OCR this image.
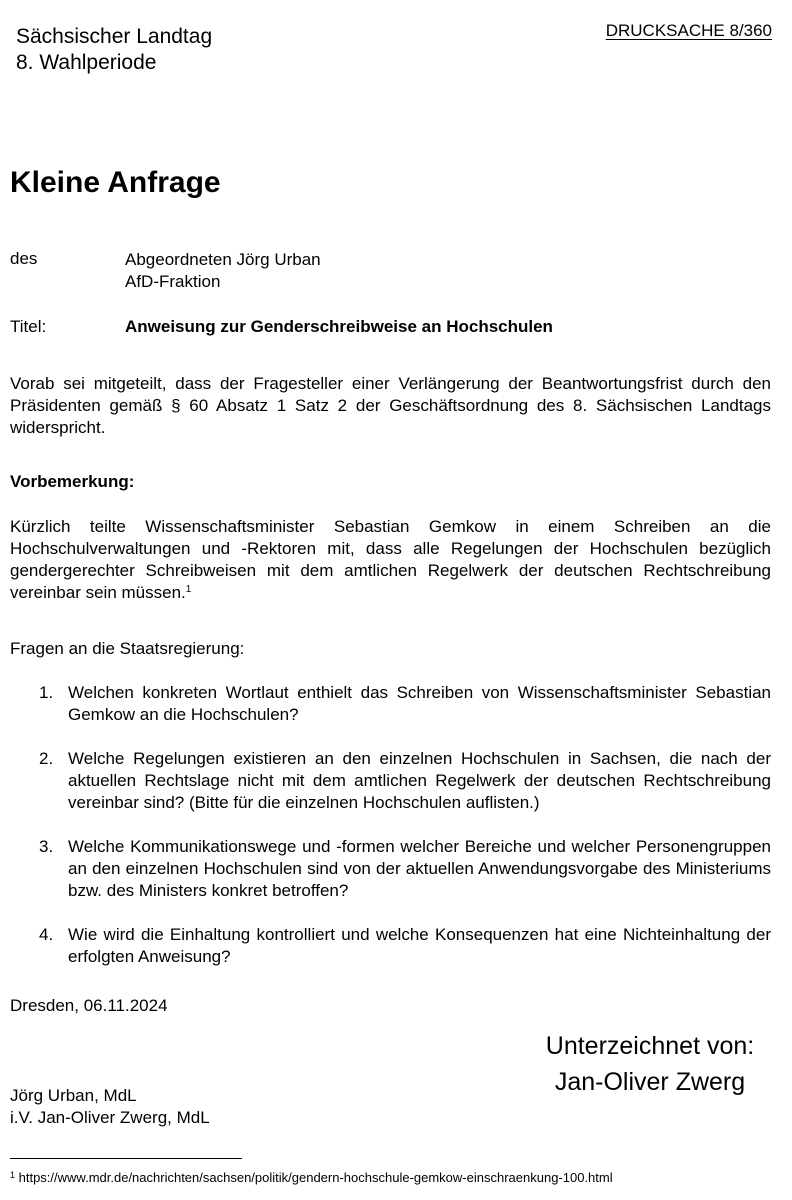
Sächsischer Landtag
8. Wahlperiode
DRUCKSACHE 8/360
Kleine Anfrage
des	Abgeordneten Jörg Urban
AfD-Fraktion
Titel:	Anweisung zur Genderschreibweise an Hochschulen
Vorab sei mitgeteilt, dass der Fragesteller einer Verlängerung der Beantwortungsfrist durch den Präsidenten gemäß § 60 Absatz 1 Satz 2 der Geschäftsordnung des 8. Sächsischen Landtags widerspricht.
Vorbemerkung:
Kürzlich teilte Wissenschaftsminister Sebastian Gemkow in einem Schreiben an die Hochschulverwaltungen und -Rektoren mit, dass alle Regelungen der Hochschulen bezüglich gendergerechter Schreibweisen mit dem amtlichen Regelwerk der deutschen Rechtschreibung vereinbar sein müssen.$^1$
Fragen an die Staatsregierung:
1. Welchen konkreten Wortlaut enthielt das Schreiben von Wissenschaftsminister Sebastian Gemkow an die Hochschulen?
2. Welche Regelungen existieren an den einzelnen Hochschulen in Sachsen, die nach der aktuellen Rechtslage nicht mit dem amtlichen Regelwerk der deutschen Rechtschreibung vereinbar sind? (Bitte für die einzelnen Hochschulen auflisten.)
3. Welche Kommunikationswege und -formen welcher Bereiche und welcher Personengruppen an den einzelnen Hochschulen sind von der aktuellen Anwendungsvorgabe des Ministeriums bzw. des Ministers konkret betroffen?
4. Wie wird die Einhaltung kontrolliert und welche Konsequenzen hat eine Nichteinhaltung der erfolgten Anweisung?
Dresden, 06.11.2024
Unterzeichnet von:
Jan-Oliver Zwerg
Jörg Urban, MdL
i.V. Jan-Oliver Zwerg, MdL
$^1$ https://www.mdr.de/nachrichten/sachsen/politik/gendern-hochschule-gemkow-einschraenkung-100.html
